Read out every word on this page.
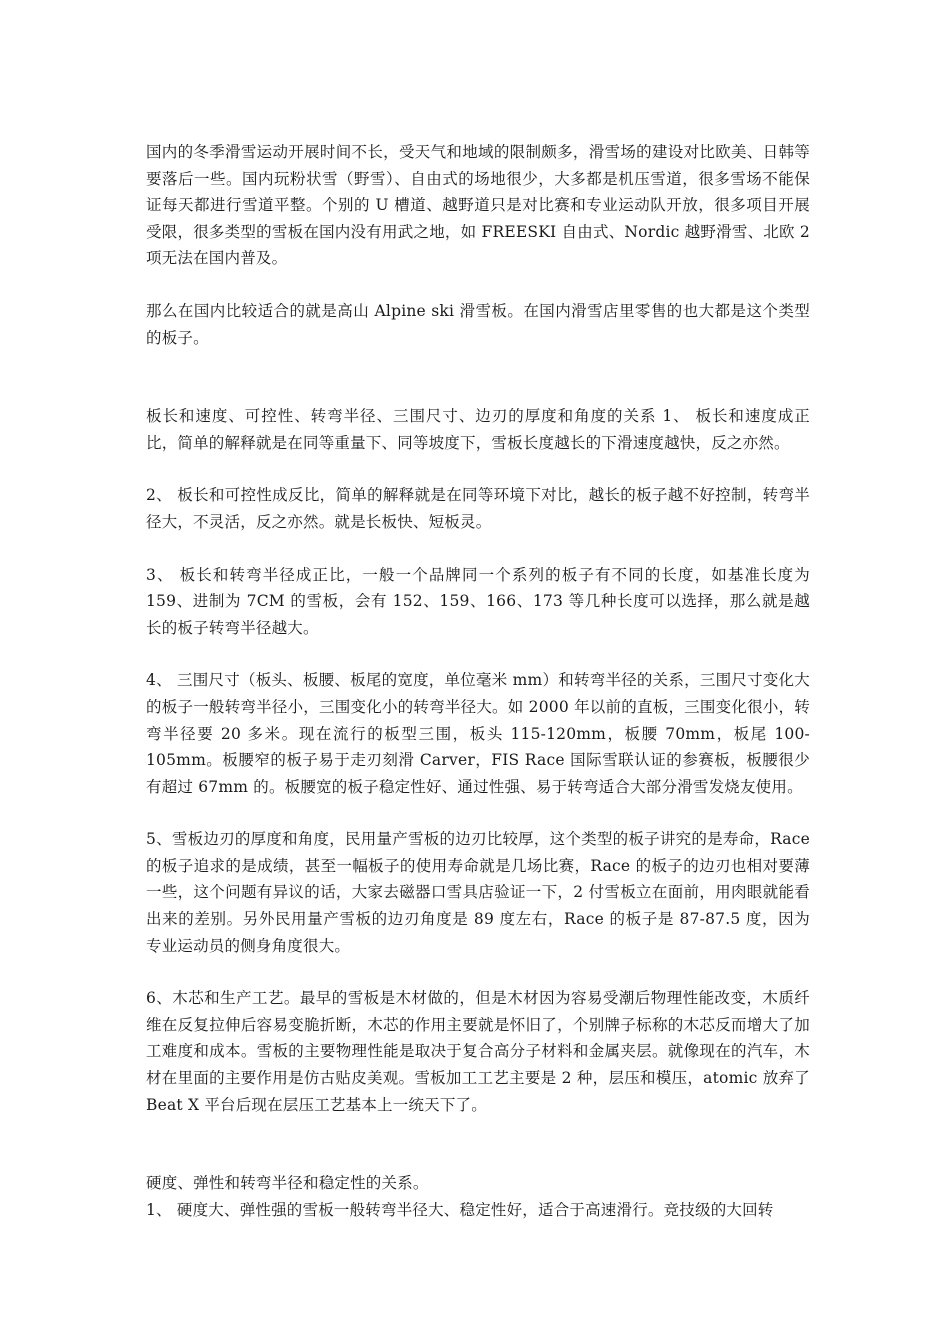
国内的冬季滑雪运动开展时间不长，受天气和地域的限制颇多，滑雪场的建设对比欧美、日韩等要落后一些。国内玩粉状雪（野雪）、自由式的场地很少，大多都是机压雪道，很多雪场不能保证每天都进行雪道平整。个别的 U 槽道、越野道只是对比赛和专业运动队开放，很多项目开展受限，很多类型的雪板在国内没有用武之地，如 FREESKI 自由式、Nordic 越野滑雪、北欧 2 项无法在国内普及。

那么在国内比较适合的就是高山 Alpine ski 滑雪板。在国内滑雪店里零售的也大都是这个类型的板子。

板长和速度、可控性、转弯半径、三围尺寸、边刃的厚度和角度的关系 1、 板长和速度成正比，简单的解释就是在同等重量下、同等坡度下，雪板长度越长的下滑速度越快，反之亦然。

2、 板长和可控性成反比，简单的解释就是在同等环境下对比，越长的板子越不好控制，转弯半径大，不灵活，反之亦然。就是长板快、短板灵。

3、 板长和转弯半径成正比，一般一个品牌同一个系列的板子有不同的长度，如基准长度为 159、进制为 7CM 的雪板，会有 152、159、166、173 等几种长度可以选择，那么就是越长的板子转弯半径越大。

4、 三围尺寸（板头、板腰、板尾的宽度，单位毫米 mm）和转弯半径的关系，三围尺寸变化大的板子一般转弯半径小，三围变化小的转弯半径大。如 2000 年以前的直板，三围变化很小，转弯半径要 20 多米。现在流行的板型三围，板头 115-120mm，板腰 70mm，板尾 100-105mm。板腰窄的板子易于走刃刻滑 Carver，FIS Race 国际雪联认证的参赛板，板腰很少有超过 67mm 的。板腰宽的板子稳定性好、通过性强、易于转弯适合大部分滑雪发烧友使用。

5、雪板边刃的厚度和角度，民用量产雪板的边刃比较厚，这个类型的板子讲究的是寿命，Race 的板子追求的是成绩，甚至一幅板子的使用寿命就是几场比赛，Race 的板子的边刃也相对要薄一些，这个问题有异议的话，大家去磁器口雪具店验证一下，2 付雪板立在面前，用肉眼就能看出来的差别。另外民用量产雪板的边刃角度是 89 度左右，Race 的板子是 87-87.5 度，因为专业运动员的侧身角度很大。

6、木芯和生产工艺。最早的雪板是木材做的，但是木材因为容易受潮后物理性能改变，木质纤维在反复拉伸后容易变脆折断，木芯的作用主要就是怀旧了，个别牌子标称的木芯反而增大了加工难度和成本。雪板的主要物理性能是取决于复合高分子材料和金属夹层。就像现在的汽车，木材在里面的主要作用是仿古贴皮美观。雪板加工工艺主要是 2 种，层压和模压，atomic 放弃了 Beat X 平台后现在层压工艺基本上一统天下了。

硬度、弹性和转弯半径和稳定性的关系。

1、 硬度大、弹性强的雪板一般转弯半径大、稳定性好，适合于高速滑行。竞技级的大回转
